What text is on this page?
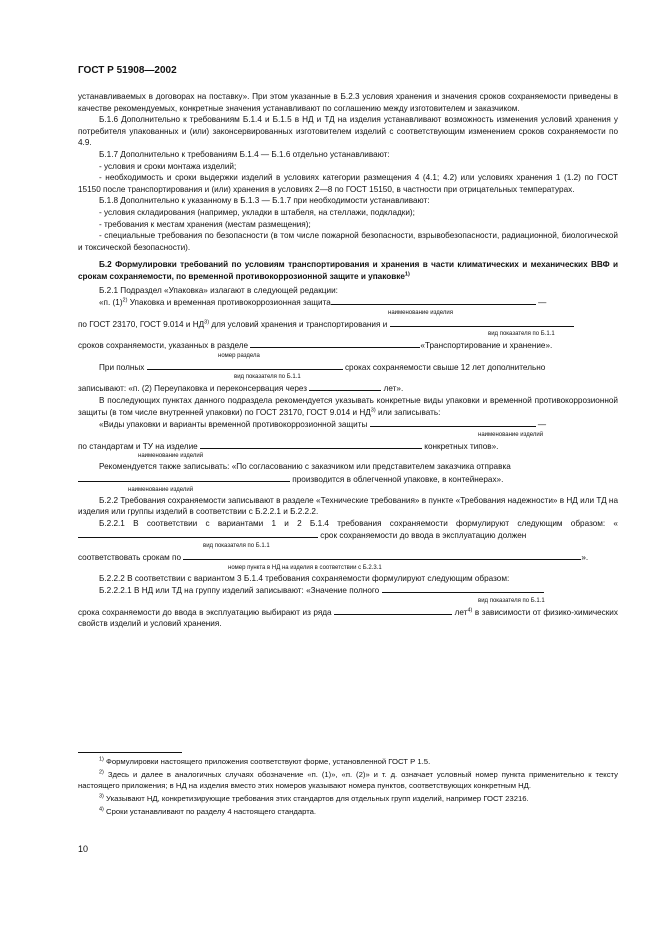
ГОСТ Р 51908—2002

устанавливаемых в договорах на поставку». При этом указанные в Б.2.3 условия хранения и значения сроков сохраняемости приведены в качестве рекомендуемых, конкретные значения устанавливают по соглашению между изготовителем и заказчиком.

Б.1.6 Дополнительно к требованиям Б.1.4 и Б.1.5 в НД и ТД на изделия устанавливают возможность изменения условий хранения у потребителя упакованных и (или) законсервированных изготовителем изделий с соответствующим изменением сроков сохраняемости по 4.9.

Б.1.7 Дополнительно к требованиям Б.1.4 — Б.1.6 отдельно устанавливают:

- условия и сроки монтажа изделий;

- необходимость и сроки выдержки изделий в условиях категории размещения 4 (4.1; 4.2) или условиях хранения 1 (1.2) по ГОСТ 15150 после транспортирования и (или) хранения в условиях 2—8 по ГОСТ 15150, в частности при отрицательных температурах.

Б.1.8 Дополнительно к указанному в Б.1.3 — Б.1.7 при необходимости устанавливают:

- условия складирования (например, укладки в штабеля, на стеллажи, подкладки);

- требования к местам хранения (местам размещения);

- специальные требования по безопасности (в том числе пожарной безопасности, взрывобезопасности, радиационной, биологической и токсической безопасности).

Б.2 Формулировки требований по условиям транспортирования и хранения в части климатических и механических ВВФ и срокам сохраняемости, по временной противокоррозионной защите и упаковке$^{1)}$

Б.2.1 Подраздел «Упаковка» излагают в следующей редакции:

«п. $(1)^{2)}$ Упаковка и временная противокоррозионная защита	—

наименование изделия

по ГОСТ 23170, ГОСТ 9.014 и НД$^{3)}$ для условий хранения и транспортирования и

вид показателя по Б.1.1

сроков сохраняемости, указанных в разделе	«Транспортирование и хранение».

номер раздела

При полных	сроках сохраняемости свыше 12 лет дополнительно

вид показателя по Б.1.1

записывают: «п. (2) Переупаковка и переконсервация через	лет».

В последующих пунктах данного подраздела рекомендуется указывать конкретные виды упаковки и временной противокоррозионной защиты (в том числе внутренней упаковки) по ГОСТ 23170, ГОСТ 9.014 и НД$^{3)}$ или записывать:

«Виды упаковки и варианты временной противокоррозионной защиты	—

наименование изделий

по стандартам и ТУ на изделие	конкретных типов».

наименование изделий

Рекомендуется также записывать: «По согласованию с заказчиком или представителем заказчика отправка

производится в облегченной упаковке, в контейнерах».

наименование изделий

Б.2.2 Требования сохраняемости записывают в разделе «Технические требования» в пункте «Требования надежности» в НД или ТД на изделия или группы изделий в соответствии с Б.2.2.1 и Б.2.2.2.

Б.2.2.1 В соответствии с вариантами 1 и 2 Б.1.4 требования сохраняемости формулируют следующим образом: « срок сохраняемости до ввода в эксплуатацию должен

вид показателя по Б.1.1

соответствовать срокам по	».

номер пункта в НД на изделия в соответствии с Б.2.3.1

Б.2.2.2 В соответствии с вариантом 3 Б.1.4 требования сохраняемости формулируют следующим образом:

Б.2.2.2.1 В НД или ТД на группу изделий записывают: «Значение полного

вид показателя по Б.1.1

срока сохраняемости до ввода в эксплуатацию выбирают из ряда	лет$^{4)}$ в зависимости от физико-химических свойств изделий и условий хранения.

$^{1)}$ Формулировки настоящего приложения соответствуют форме, установленной ГОСТ Р 1.5.

$^{2)}$ Здесь и далее в аналогичных случаях обозначение «п. (1)», «п. (2)» и т. д. означает условный номер пункта применительно к тексту настоящего приложения; в НД на изделия вместо этих номеров указывают номера пунктов, соответствующих конкретным НД.

$^{3)}$ Указывают НД, конкретизирующие требования этих стандартов для отдельных групп изделий, например ГОСТ 23216.

$^{4)}$ Сроки устанавливают по разделу 4 настоящего стандарта.

10
